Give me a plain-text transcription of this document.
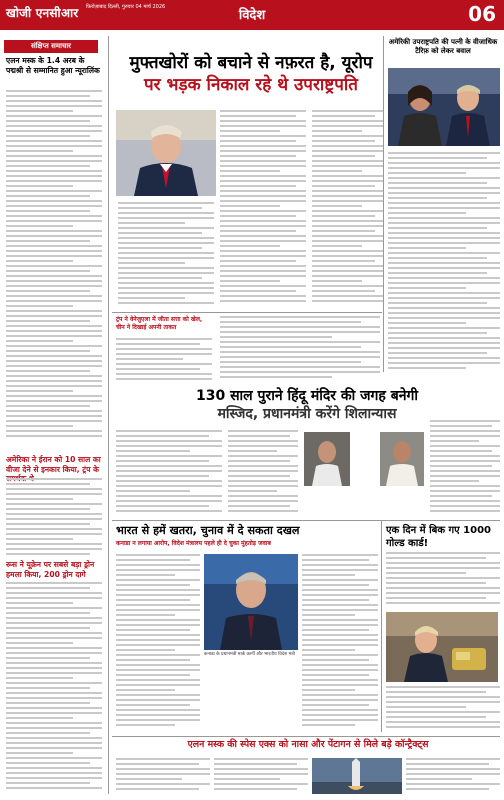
खोजी एनसीआर फ़िरोज़ाबाद दिल्ली, गुरुवार 04 मार्च 2026
विदेश	06
संक्षिप्त समाचार
एलन मस्क के 1.4 अरब के पद्मश्री से सम्मानित हुआ न्यूरालिंक
अमेरिका ने ईरान को 10 साल का वीजा देने से इनकार किया, ट्रंप के
रूस ने यूक्रेन पर सबसे बड़ा ड्रोन हमला किया, 200 ड्रोन दागे
मुफ्तखोरों को बचाने से नफ़रत है, यूरोप
पर भड़क निकाल रहे थे उपराष्ट्रपति
अमेरिकी उपराष्ट्रपति की पत्नी के वीजाधिक टैरिफ़ को लेकर बवाल
ट्रंप ने वेनेजुएला में जीता सत्ता को खेल, चीन ने दिखाई अपनी ताकत
130 साल पुराने हिंदू मंदिर की जगह बनेगी
मस्जिद, प्रधानमंत्री करेंगे शिलान्यास
भारत से हमें खतरा, चुनाव में दे सकता दखल
कनाडा न लगाया आरोप, विदेश मंत्रालय पहले ही दे चुका मुंहतोड़ जवाब
कनाडा के प्रधानमंत्री मार्क कार्नी और भारतीय विदेश मंत्री
एक दिन में बिक गए 1000 गोल्ड कार्ड!
एलन मस्क की स्पेस एक्स को नासा और पेंटागन से मिले बड़े कॉन्ट्रैक्ट्स
